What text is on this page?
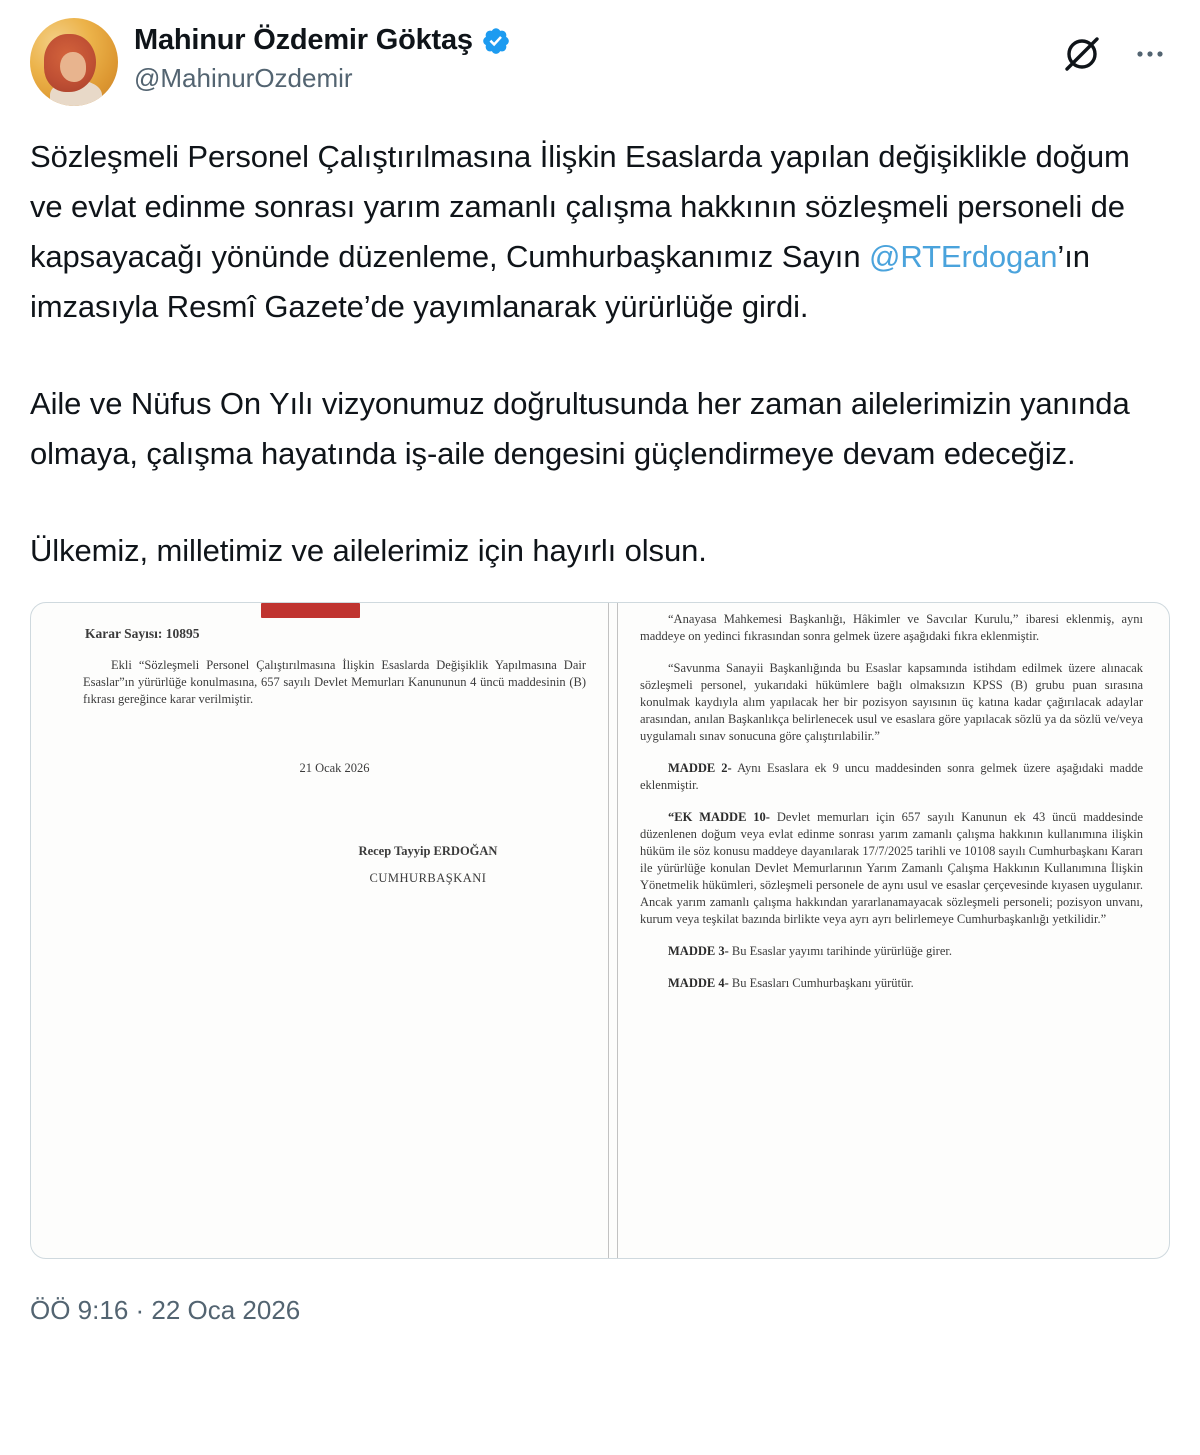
Mahinur Özdemir Göktaş
@MahinurOzdemir

Sözleşmeli Personel Çalıştırılmasına İlişkin Esaslarda yapılan değişiklikle doğum ve evlat edinme sonrası yarım zamanlı çalışma hakkının sözleşmeli personeli de kapsayacağı yönünde düzenleme, Cumhurbaşkanımız Sayın @RTErdogan’ın imzasıyla Resmî Gazete’de yayımlanarak yürürlüğe girdi.

Aile ve Nüfus On Yılı vizyonumuz doğrultusunda her zaman ailelerimizin yanında olmaya, çalışma hayatında iş-aile dengesini güçlendirmeye devam edeceğiz.

Ülkemiz, milletimiz ve ailelerimiz için hayırlı olsun.

Karar Sayısı: 10895

Ekli “Sözleşmeli Personel Çalıştırılmasına İlişkin Esaslarda Değişiklik Yapılmasına Dair Esaslar”ın yürürlüğe konulmasına, 657 sayılı Devlet Memurları Kanununun 4 üncü maddesinin (B) fıkrası gereğince karar verilmiştir.

21 Ocak 2026

Recep Tayyip ERDOĞAN

CUMHURBAŞKANI

“Anayasa Mahkemesi Başkanlığı, Hâkimler ve Savcılar Kurulu,” ibaresi eklenmiş, aynı maddeye on yedinci fıkrasından sonra gelmek üzere aşağıdaki fıkra eklenmiştir.

“Savunma Sanayii Başkanlığında bu Esaslar kapsamında istihdam edilmek üzere alınacak sözleşmeli personel, yukarıdaki hükümlere bağlı olmaksızın KPSS (B) grubu puan sırasına konulmak kaydıyla alım yapılacak her bir pozisyon sayısının üç katına kadar çağırılacak adaylar arasından, anılan Başkanlıkça belirlenecek usul ve esaslara göre yapılacak sözlü ya da sözlü ve/veya uygulamalı sınav sonucuna göre çalıştırılabilir.”

MADDE 2- Aynı Esaslara ek 9 uncu maddesinden sonra gelmek üzere aşağıdaki madde eklenmiştir.

“EK MADDE 10- Devlet memurları için 657 sayılı Kanunun ek 43 üncü maddesinde düzenlenen doğum veya evlat edinme sonrası yarım zamanlı çalışma hakkının kullanımına ilişkin hüküm ile söz konusu maddeye dayanılarak 17/7/2025 tarihli ve 10108 sayılı Cumhurbaşkanı Kararı ile yürürlüğe konulan Devlet Memurlarının Yarım Zamanlı Çalışma Hakkının Kullanımına İlişkin Yönetmelik hükümleri, sözleşmeli personele de aynı usul ve esaslar çerçevesinde kıyasen uygulanır. Ancak yarım zamanlı çalışma hakkından yararlanamayacak sözleşmeli personeli; pozisyon unvanı, kurum veya teşkilat bazında birlikte veya ayrı ayrı belirlemeye Cumhurbaşkanlığı yetkilidir.”

MADDE 3- Bu Esaslar yayımı tarihinde yürürlüğe girer.

MADDE 4- Bu Esasları Cumhurbaşkanı yürütür.

ÖÖ 9:16 · 22 Oca 2026
